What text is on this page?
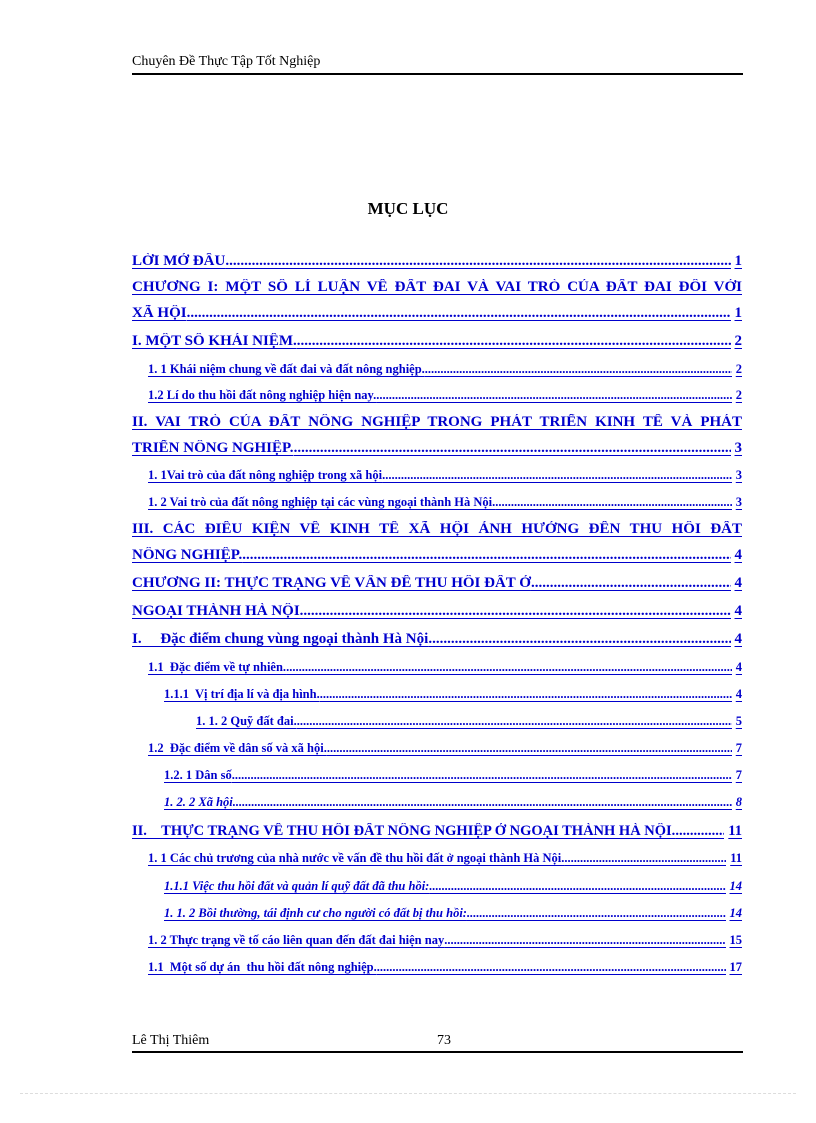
Chuyên Đề Thực Tập Tốt Nghiệp
MỤC LỤC
LỜI MỞ ĐẦU .....	1
CHƯƠNG I: MỘT SỐ LÍ LUẬN VỀ ĐẤT ĐAI VÀ VAI TRÒ CỦA ĐẤT ĐAI ĐỐI VỚI
XÃ HỘI .....	1
I. MỘT SỐ KHÁI NIỆM. .....	2
1. 1 Khái niệm chung về đất đai và đất nông nghiệp. .....	2
1.2 Lí do thu hồi đất nông nghiệp hiện nay. .....	2
II. VAI TRÒ CỦA ĐẤT NÔNG NGHIỆP TRONG PHÁT TRIỂN KINH TẾ VÀ PHÁT
TRIỂN NÔNG NGHIỆP. .....	3
1. 1Vai trò của đất nông nghiệp trong xã hội .....	3
1. 2 Vai trò của đất nông nghiệp tại các vùng ngoại thành Hà Nội. .....	3
III. CÁC ĐIỀU KIỆN VỀ KINH TẾ XÃ HỘI ẢNH HƯỞNG ĐẾN THU HỒI ĐẤT
NÔNG NGHIỆP. .....	4
CHƯƠNG II: THỰC TRẠNG VỀ VẤN ĐỀ THU HỒI ĐẤT Ở .....	4
NGOẠI THÀNH HÀ NỘI. .....	4
I.     Đặc điểm chung vùng ngoại thành Hà Nội .....	4
1.1  Đặc điểm về tự nhiên. .....	4
1.1.1  Vị trí địa lí và địa hình. .....	4
1. 1. 2 Quỹ đất đai. .....	5
1.2  Đặc điểm về dân số và xã hội. .....	7
1.2. 1 Dân số .....	7
1. 2. 2 Xã hội .....	8
II.    THỰC TRẠNG VỀ THU HỒI ĐẤT NÔNG NGHIỆP Ở NGOẠI THÀNH HÀ NỘI. .....	11
1. 1 Các chủ trương của nhà nước về vấn đề thu hồi đất ở ngoại thành Hà Nội. .....	11
1.1.1 Việc thu hồi đất và quản lí quỹ đất đã thu hồi: .....	14
1. 1. 2 Bồi thường, tái định cư cho người có đất bị thu hồi: .....	14
1. 2 Thực trạng về tố cáo liên quan đến đất đai hiện nay .....	15
1.1  Một số dự án  thu hồi đất nông nghiệp. .....	17
Lê Thị Thiêm	73
